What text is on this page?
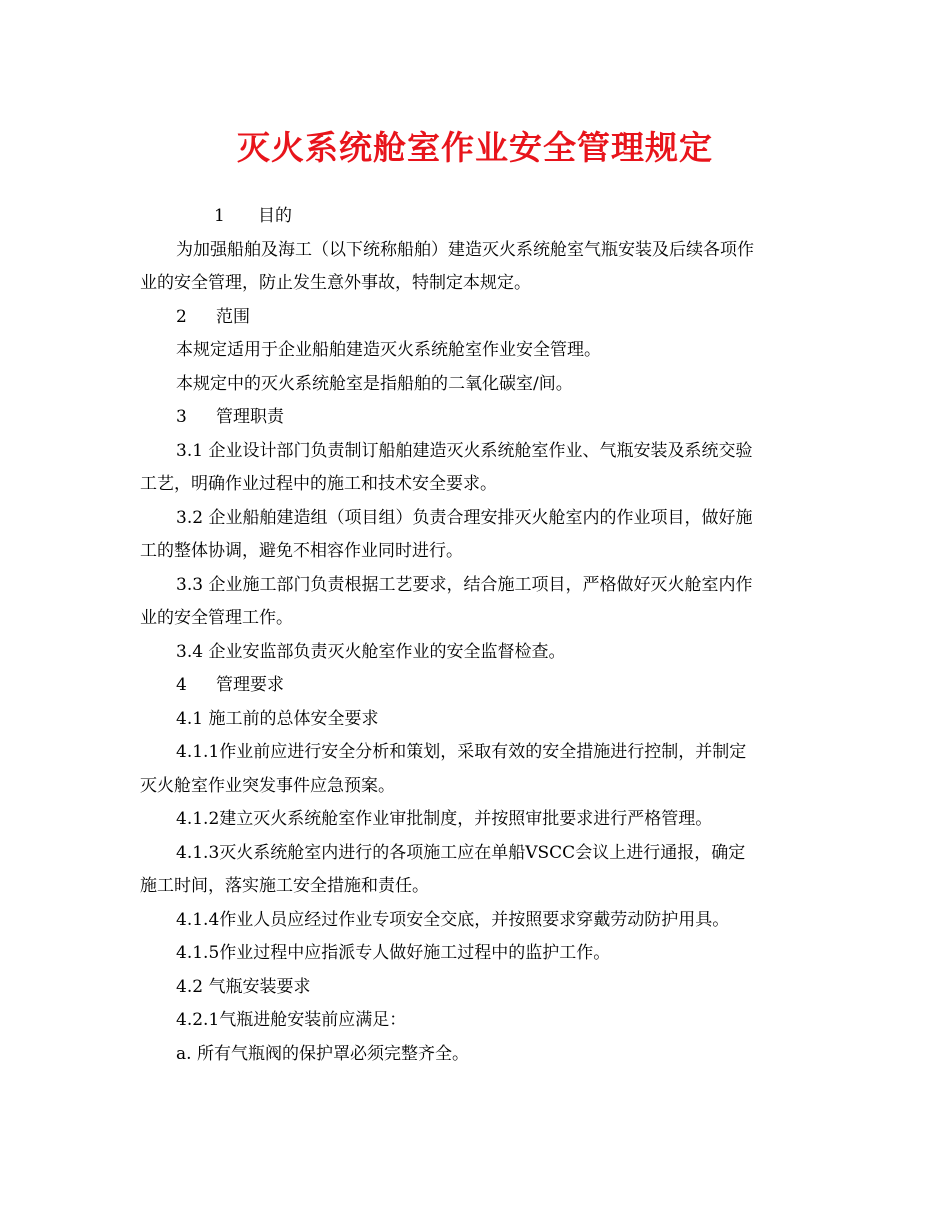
灭火系统舱室作业安全管理规定
1	目的
为加强船舶及海工（以下统称船舶）建造灭火系统舱室气瓶安装及后续各项作
业的安全管理，防止发生意外事故，特制定本规定。
2	范围
本规定适用于企业船舶建造灭火系统舱室作业安全管理。
本规定中的灭火系统舱室是指船舶的二氧化碳室/间。
3	管理职责
3.1 企业设计部门负责制订船舶建造灭火系统舱室作业、气瓶安装及系统交验
工艺，明确作业过程中的施工和技术安全要求。
3.2 企业船舶建造组（项目组）负责合理安排灭火舱室内的作业项目，做好施
工的整体协调，避免不相容作业同时进行。
3.3 企业施工部门负责根据工艺要求，结合施工项目，严格做好灭火舱室内作
业的安全管理工作。
3.4 企业安监部负责灭火舱室作业的安全监督检查。
4	管理要求
4.1 施工前的总体安全要求
4.1.1作业前应进行安全分析和策划，采取有效的安全措施进行控制，并制定
灭火舱室作业突发事件应急预案。
4.1.2建立灭火系统舱室作业审批制度，并按照审批要求进行严格管理。
4.1.3灭火系统舱室内进行的各项施工应在单船VSCC会议上进行通报，确定
施工时间，落实施工安全措施和责任。
4.1.4作业人员应经过作业专项安全交底，并按照要求穿戴劳动防护用具。
4.1.5作业过程中应指派专人做好施工过程中的监护工作。
4.2 气瓶安装要求
4.2.1气瓶进舱安装前应满足：
a. 所有气瓶阀的保护罩必须完整齐全。
